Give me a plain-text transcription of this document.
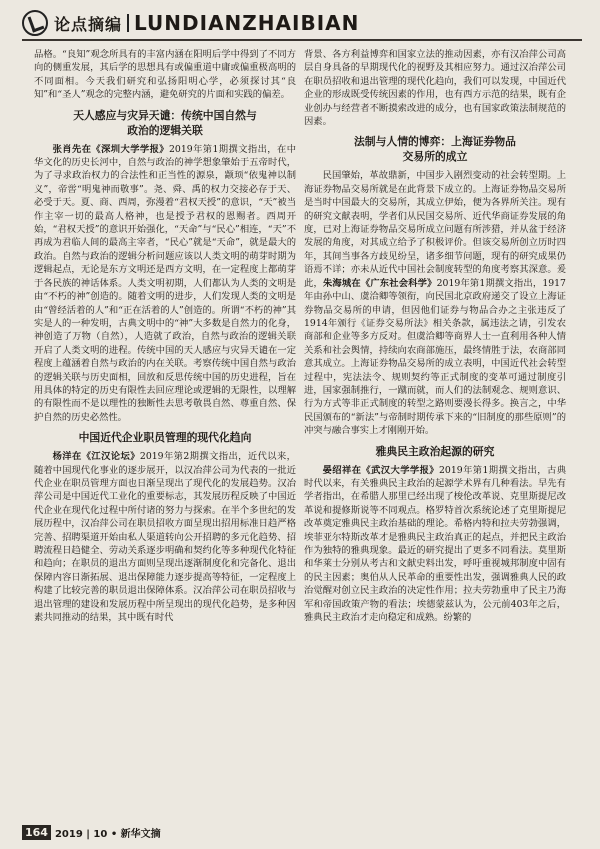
论点摘编 LUNDIANZHAIBIAN

品格。“良知”观念所具有的丰富内涵在阳明后学中得到了不同方向的侧重发展，其后学的思想具有或偏重道中庸或偏重极高明的不同面相。今天我们研究和弘扬阳明心学，必须探讨其“良知”和“圣人”观念的完整内涵，避免研究的片面和实践的偏差。

天人感应与灾异天谴：传统中国自然与
政治的逻辑关联

张肖先在《深圳大学学报》2019年第1期撰文指出，在中华文化的历史长河中，自然与政治的神学想象肇始于五帝时代，为了寻求政治权力的合法性和正当性的源泉，颛顼“依鬼神以制义”，帝喾“明鬼神而敬事”。尧、舜、禹的权力交接必存于天、必受于天。夏、商、西周，弥漫着“君权天授”的意识，“天”被当作主宰一切的最高人格神，也是授予君权的恩赐者。西周开始，“君权天授”的意识开始强化，“天命”与“民心”相连，“天”不再成为君临人间的最高主宰者，“民心”就是“天命”，就是最大的政治。自然与政治的逻辑分析问题应该以人类文明的萌芽时期为逻辑起点，无论是东方文明还是西方文明，在一定程度上都萌芽于各民族的神话体系。人类文明初期，人们都认为人类的文明是由“不朽的神”创造的。随着文明的进步，人们发现人类的文明是由“曾经活着的人”和“正在活着的人”创造的。所谓“不朽的神”其实是人的一种发明，古典文明中的“神”大多数是自然力的化身，神创造了万物（自然），人造就了政治，自然与政治的逻辑关联开启了人类文明的进程。传统中国的天人感应与灾异天谴在一定程度上蕴涵着自然与政治的内在关联。考察传统中国自然与政治的逻辑关联与历史面相，回放和反思传统中国的历史进程，旨在用具体的特定的历史有限性去回应理论或逻辑的无限性，以理解的有限性而不是以理性的独断性去思考敬畏自然、尊重自然、保护自然的历史必然性。

中国近代企业职员管理的现代化趋向

杨洋在《江汉论坛》2019年第2期撰文指出，近代以来，随着中国现代化事业的逐步展开，以汉冶萍公司为代表的一批近代企业在职员管理方面也日渐呈现出了现代化的发展趋势。汉冶萍公司是中国近代工业化的重要标志，其发展历程反映了中国近代企业在现代化过程中所付诸的努力与探索。在半个多世纪的发展历程中，汉冶萍公司在职员招收方面呈现出招用标准日趋严格完善、招聘渠道开始由私人渠道转向公开招聘的多元化趋势、招聘流程日趋健全、劳动关系逐步明确和契约化等多种现代化特征和趋向；在职员的退出方面则呈现出逐渐制度化和完备化、退出保障内容日渐拓展、退出保障能力逐步提高等特征，一定程度上构建了比较完善的职员退出保障体系。汉冶萍公司在职员招收与退出管理的建设和发展历程中所呈现出的现代化趋势，是多种因素共同推动的结果，其中既有时代

背景、各方利益博弈和国家立法的推动因素，亦有汉冶萍公司高层自身具备的早期现代化的视野及其相应努力。通过汉冶萍公司在职员招收和退出管理的现代化趋向，我们可以发现，中国近代企业的形成既受传统因素的作用，也有西方示范的结果，既有企业创办与经营者不断摸索改进的成分，也有国家政策法制规范的因素。

法制与人情的博弈：上海证券物品
交易所的成立

民国肇始，革故鼎新，中国步入剧烈变动的社会转型期。上海证券物品交易所就是在此背景下成立的。上海证券物品交易所是当时中国最大的交易所，其成立伊始，便为各界所关注。现有的研究文献表明，学者们从民国交易所、近代华商证券发展的角度，已对上海证券物品交易所成立问题有所涉猎，并从盆于经济发展的角度，对其成立给予了积极评价。但该交易所创立历时四年，其间当事各方歧见纷呈，诸多细节问题，现有的研究成果仍语焉不详；亦未从近代中国社会制度转型的角度考察其深意。爰此，朱海城在《广东社会科学》2019年第1期撰文指出，1917年由孙中山、虞洽卿等领衔，向民国北京政府递交了设立上海证券物品交易所的申请，但因他们证券与物品合办之主张违反了1914年颁行《证券交易所法》相关条款，属违法之请，引发农商部和企业等多方反对。但虞洽卿等商界人士一直利用各种人情关系和社会舆情，持续向农商部施压，最终情胜于法，农商部同意其成立。上海证券物品交易所的成立表明，中国近代社会转型过程中，宪法法令、规则契约等正式制度的变革可通过制度引进，国家强制推行，一蹴而就，而人们的法制观念、规则意识、行为方式等非正式制度的转型之路则要漫长得多。换言之，中华民国颁布的“新法”与帝制时期传承下来的“旧制度的那些原则”的冲突与融合事实上才刚刚开始。

雅典民主政治起源的研究

晏绍祥在《武汉大学学报》2019年第1期撰文指出，古典时代以来，有关雅典民主政治的起源学术界有几种看法。早先有学者指出，在希腊人那里已经出现了梭伦改革说、克里斯提尼改革说和提修斯说等不同观点。格罗特首次系统论述了克里斯提尼改革奠定雅典民主政治基础的理论。希格内特和拉夫劳勃强调，埃菲亚尔特斯改革才是雅典民主政治真正的起点，并把民主政治作为独特的雅典现象。最近的研究提出了更多不同看法。莫里斯和华莱士分别从考古和文献史料出发，呼吁重视城邦制度中固有的民主因素；奥伯从人民革命的重要性出发，强调雅典人民的政治觉醒对创立民主政治的决定性作用；拉夫劳勃重申了民主乃海军和帝国政策产物的看法；埃德蒙兹认为，公元前403年之后，雅典民主政治才走向稳定和成熟。纷繁的

164 2019 | 10 • 新华文摘
